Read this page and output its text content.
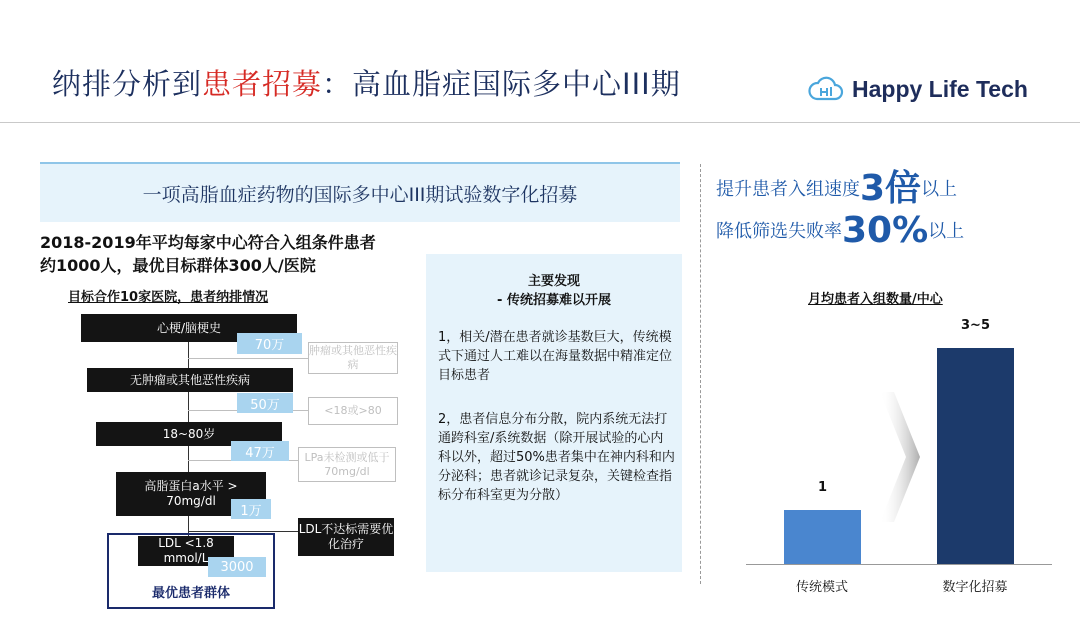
纳排分析到患者招募：高血脂症国际多中心III期	Happy Life Tech
一项高脂血症药物的国际多中心III期试验数字化招募
2018-2019年平均每家中心符合入组条件患者
约1000人，最优目标群体300人/医院
目标合作10家医院，患者纳排情况
心梗/脑梗史
70万	肿瘤或其他恶性疾病
无肿瘤或其他恶性疾病
50万	<18或>80
18~80岁
47万	LPa未检测或低于70mg/dl
高脂蛋白a水平 > 70mg/dl
1万
LDL不达标需要优化治疗
LDL <1.8 mmol/L
3000
最优患者群体
主要发现
- 传统招募难以开展
1，相关/潜在患者就诊基数巨大，传统模式下通过人工难以在海量数据中精准定位目标患者
2，患者信息分布分散，院内系统无法打通跨科室/系统数据（除开展试验的心内科以外，超过50%患者集中在神内科和内分泌科；患者就诊记录复杂，关键检查指标分布科室更为分散）
提升患者入组速度3倍以上
降低筛选失败率30%以上
月均患者入组数量/中心
1
3~5
传统模式	数字化招募
